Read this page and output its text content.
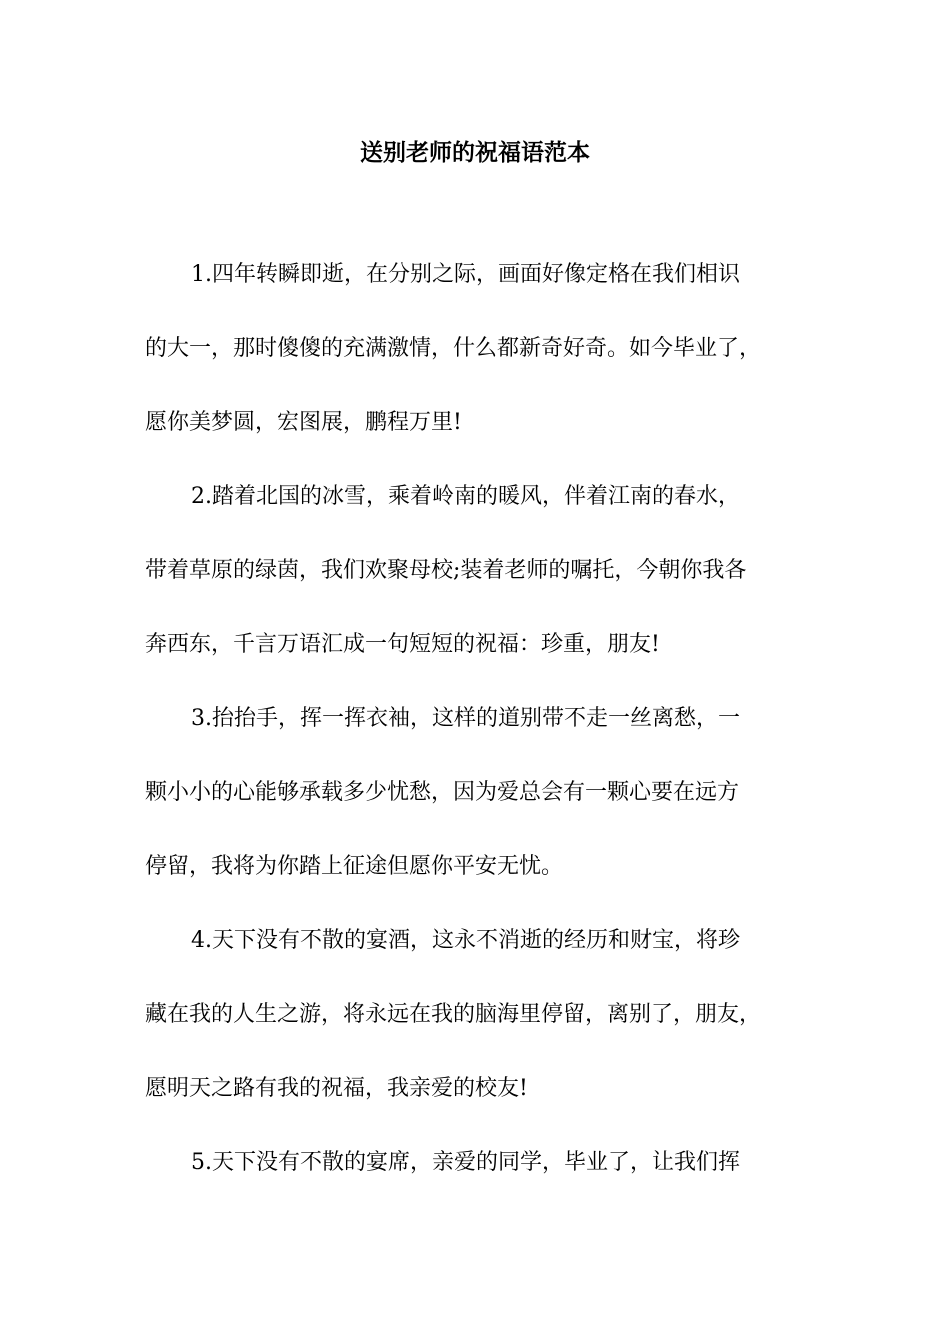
送别老师的祝福语范本
1.四年转瞬即逝，在分别之际，画面好像定格在我们相识
的大一，那时傻傻的充满激情，什么都新奇好奇。如今毕业了，
愿你美梦圆，宏图展，鹏程万里!
2.踏着北国的冰雪，乘着岭南的暖风，伴着江南的春水，
带着草原的绿茵，我们欢聚母校;装着老师的嘱托，今朝你我各
奔西东，千言万语汇成一句短短的祝福：珍重，朋友!
3.抬抬手，挥一挥衣袖，这样的道别带不走一丝离愁，一
颗小小的心能够承载多少忧愁，因为爱总会有一颗心要在远方
停留，我将为你踏上征途但愿你平安无忧。
4.天下没有不散的宴酒，这永不消逝的经历和财宝，将珍
藏在我的人生之游，将永远在我的脑海里停留，离别了，朋友，
愿明天之路有我的祝福，我亲爱的校友!
5.天下没有不散的宴席，亲爱的同学，毕业了，让我们挥
